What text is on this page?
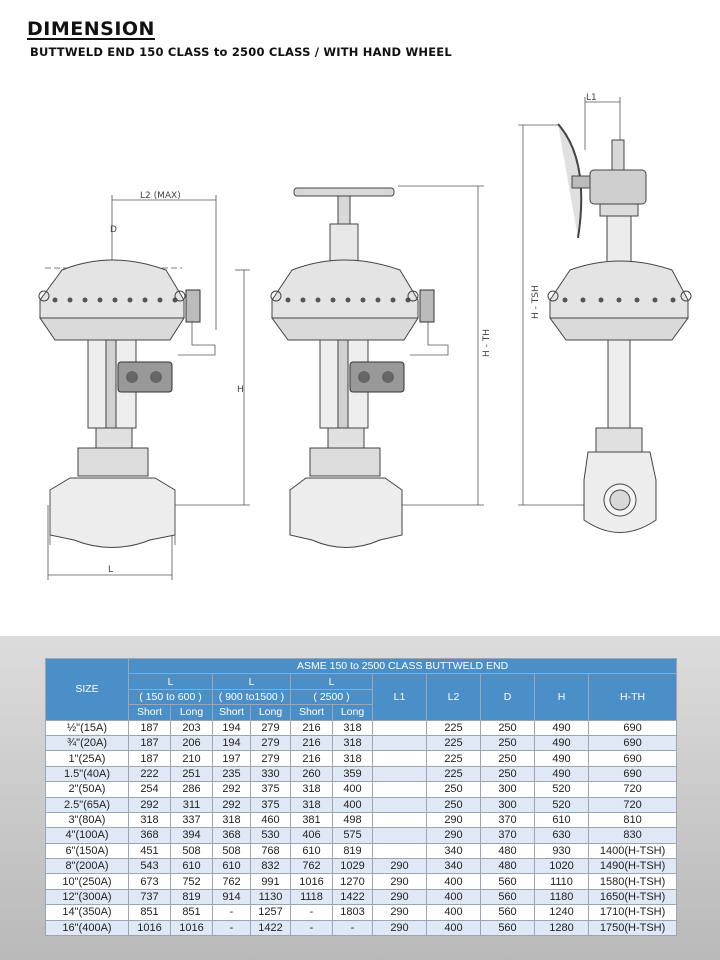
DIMENSION
BUTTWELD END 150 CLASS to 2500 CLASS / WITH HAND WHEEL
L2 (MAX)
D
H
L
H - TH
L1
H - TSH
SIZE	ASME 150 to 2500 CLASS BUTTWELD END										
	L		L		L		L1	L2	D	H	H-TH
	( 150 to 600 )		( 900 to1500 )		( 2500 )						
	Short	Long	Short	Long	Short	Long					
½"(15A)	187	203	194	279	216	318		225	250	490	690
¾"(20A)	187	206	194	279	216	318		225	250	490	690
1"(25A)	187	210	197	279	216	318		225	250	490	690
1.5"(40A)	222	251	235	330	260	359		225	250	490	690
2"(50A)	254	286	292	375	318	400		250	300	520	720
2.5"(65A)	292	311	292	375	318	400		250	300	520	720
3"(80A)	318	337	318	460	381	498		290	370	610	810
4"(100A)	368	394	368	530	406	575		290	370	630	830
6"(150A)	451	508	508	768	610	819		340	480	930	1400(H-TSH)
8"(200A)	543	610	610	832	762	1029	290	340	480	1020	1490(H-TSH)
10"(250A)	673	752	762	991	1016	1270	290	400	560	1110	1580(H-TSH)
12"(300A)	737	819	914	1130	1118	1422	290	400	560	1180	1650(H-TSH)
14"(350A)	851	851	-	1257	-	1803	290	400	560	1240	1710(H-TSH)
16"(400A)	1016	1016	-	1422	-	-	290	400	560	1280	1750(H-TSH)
